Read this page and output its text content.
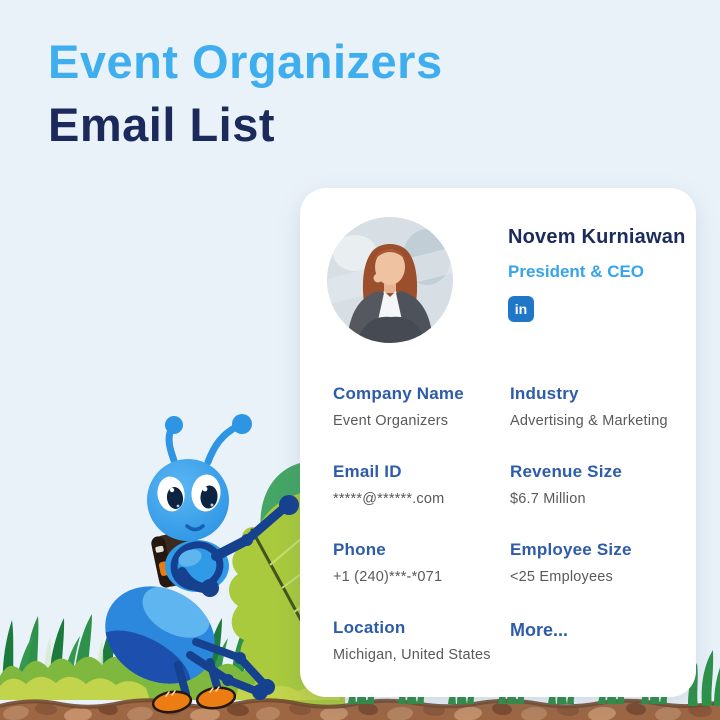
Event Organizers
Email List
Novem Kurniawan
President & CEO
in
Company Name
Event Organizers
Industry
Advertising & Marketing
Email ID
*****@******.com
Revenue Size
$6.7 Million
Phone
+1 (240)***-*071
Employee Size
<25 Employees
Location
Michigan, United States
More...
